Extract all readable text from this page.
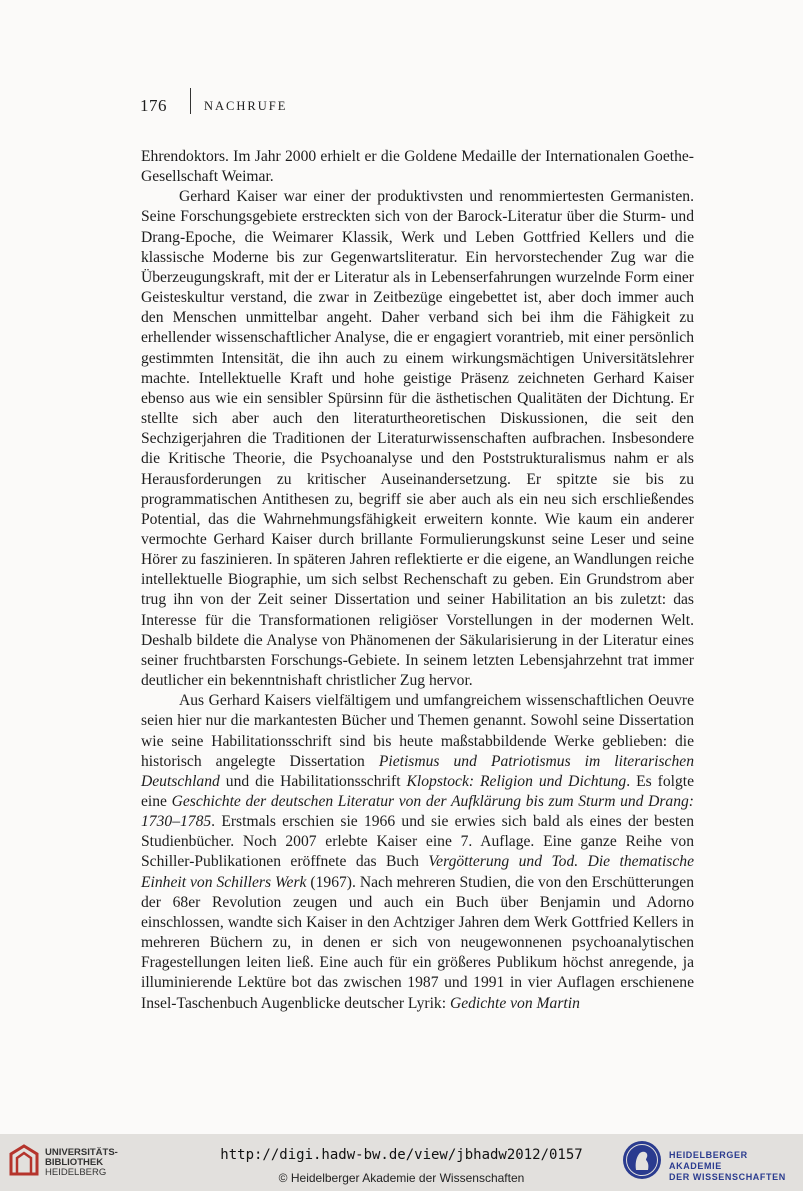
176	NACHRUFE

Ehrendoktors. Im Jahr 2000 erhielt er die Goldene Medaille der Internationalen Goethe-Gesellschaft Weimar.

Gerhard Kaiser war einer der produktivsten und renommiertesten Germanisten. Seine Forschungsgebiete erstreckten sich von der Barock-Literatur über die Sturm- und Drang-Epoche, die Weimarer Klassik, Werk und Leben Gottfried Kellers und die klassische Moderne bis zur Gegenwartsliteratur. Ein hervorstechender Zug war die Überzeugungskraft, mit der er Literatur als in Lebenserfahrungen wurzelnde Form einer Geisteskultur verstand, die zwar in Zeitbezüge eingebettet ist, aber doch immer auch den Menschen unmittelbar angeht. Daher verband sich bei ihm die Fähigkeit zu erhellender wissenschaftlicher Analyse, die er engagiert vorantrieb, mit einer persönlich gestimmten Intensität, die ihn auch zu einem wirkungsmächtigen Universitätslehrer machte. Intellektuelle Kraft und hohe geistige Präsenz zeichneten Gerhard Kaiser ebenso aus wie ein sensibler Spürsinn für die ästhetischen Qualitäten der Dichtung. Er stellte sich aber auch den literaturtheoretischen Diskussionen, die seit den Sechzigerjahren die Traditionen der Literaturwissenschaften aufbrachen. Insbesondere die Kritische Theorie, die Psychoanalyse und den Poststrukturalismus nahm er als Herausforderungen zu kritischer Auseinandersetzung. Er spitzte sie bis zu programmatischen Antithesen zu, begriff sie aber auch als ein neu sich erschließendes Potential, das die Wahrnehmungsfähigkeit erweitern konnte. Wie kaum ein anderer vermochte Gerhard Kaiser durch brillante Formulierungskunst seine Leser und seine Hörer zu faszinieren. In späteren Jahren reflektierte er die eigene, an Wandlungen reiche intellektuelle Biographie, um sich selbst Rechenschaft zu geben. Ein Grundstrom aber trug ihn von der Zeit seiner Dissertation und seiner Habilitation an bis zuletzt: das Interesse für die Transformationen religiöser Vorstellungen in der modernen Welt. Deshalb bildete die Analyse von Phänomenen der Säkularisierung in der Literatur eines seiner fruchtbarsten Forschungs-Gebiete. In seinem letzten Lebensjahrzehnt trat immer deutlicher ein bekenntnishaft christlicher Zug hervor.

Aus Gerhard Kaisers vielfältigem und umfangreichem wissenschaftlichen Oeuvre seien hier nur die markantesten Bücher und Themen genannt. Sowohl seine Dissertation wie seine Habilitationsschrift sind bis heute maßstabbildende Werke geblieben: die historisch angelegte Dissertation Pietismus und Patriotismus im literarischen Deutschland und die Habilitationsschrift Klopstock: Religion und Dichtung. Es folgte eine Geschichte der deutschen Literatur von der Aufklärung bis zum Sturm und Drang: 1730–1785. Erstmals erschien sie 1966 und sie erwies sich bald als eines der besten Studienbücher. Noch 2007 erlebte Kaiser eine 7. Auflage. Eine ganze Reihe von Schiller-Publikationen eröffnete das Buch Vergötterung und Tod. Die thematische Einheit von Schillers Werk (1967). Nach mehreren Studien, die von den Erschütterungen der 68er Revolution zeugen und auch ein Buch über Benjamin und Adorno einschlossen, wandte sich Kaiser in den Achtziger Jahren dem Werk Gottfried Kellers in mehreren Büchern zu, in denen er sich von neugewonnenen psychoanalytischen Fragestellungen leiten ließ. Eine auch für ein größeres Publikum höchst anregende, ja illuminierende Lektüre bot das zwischen 1987 und 1991 in vier Auflagen erschienene Insel-Taschenbuch Augenblicke deutscher Lyrik: Gedichte von Martin

UNIVERSITÄTS-
BIBLIOTHEK
HEIDELBERG
http://digi.hadw-bw.de/view/jbhadw2012/0157
© Heidelberger Akademie der Wissenschaften
HEIDELBERGER AKADEMIE
DER WISSENSCHAFTEN
